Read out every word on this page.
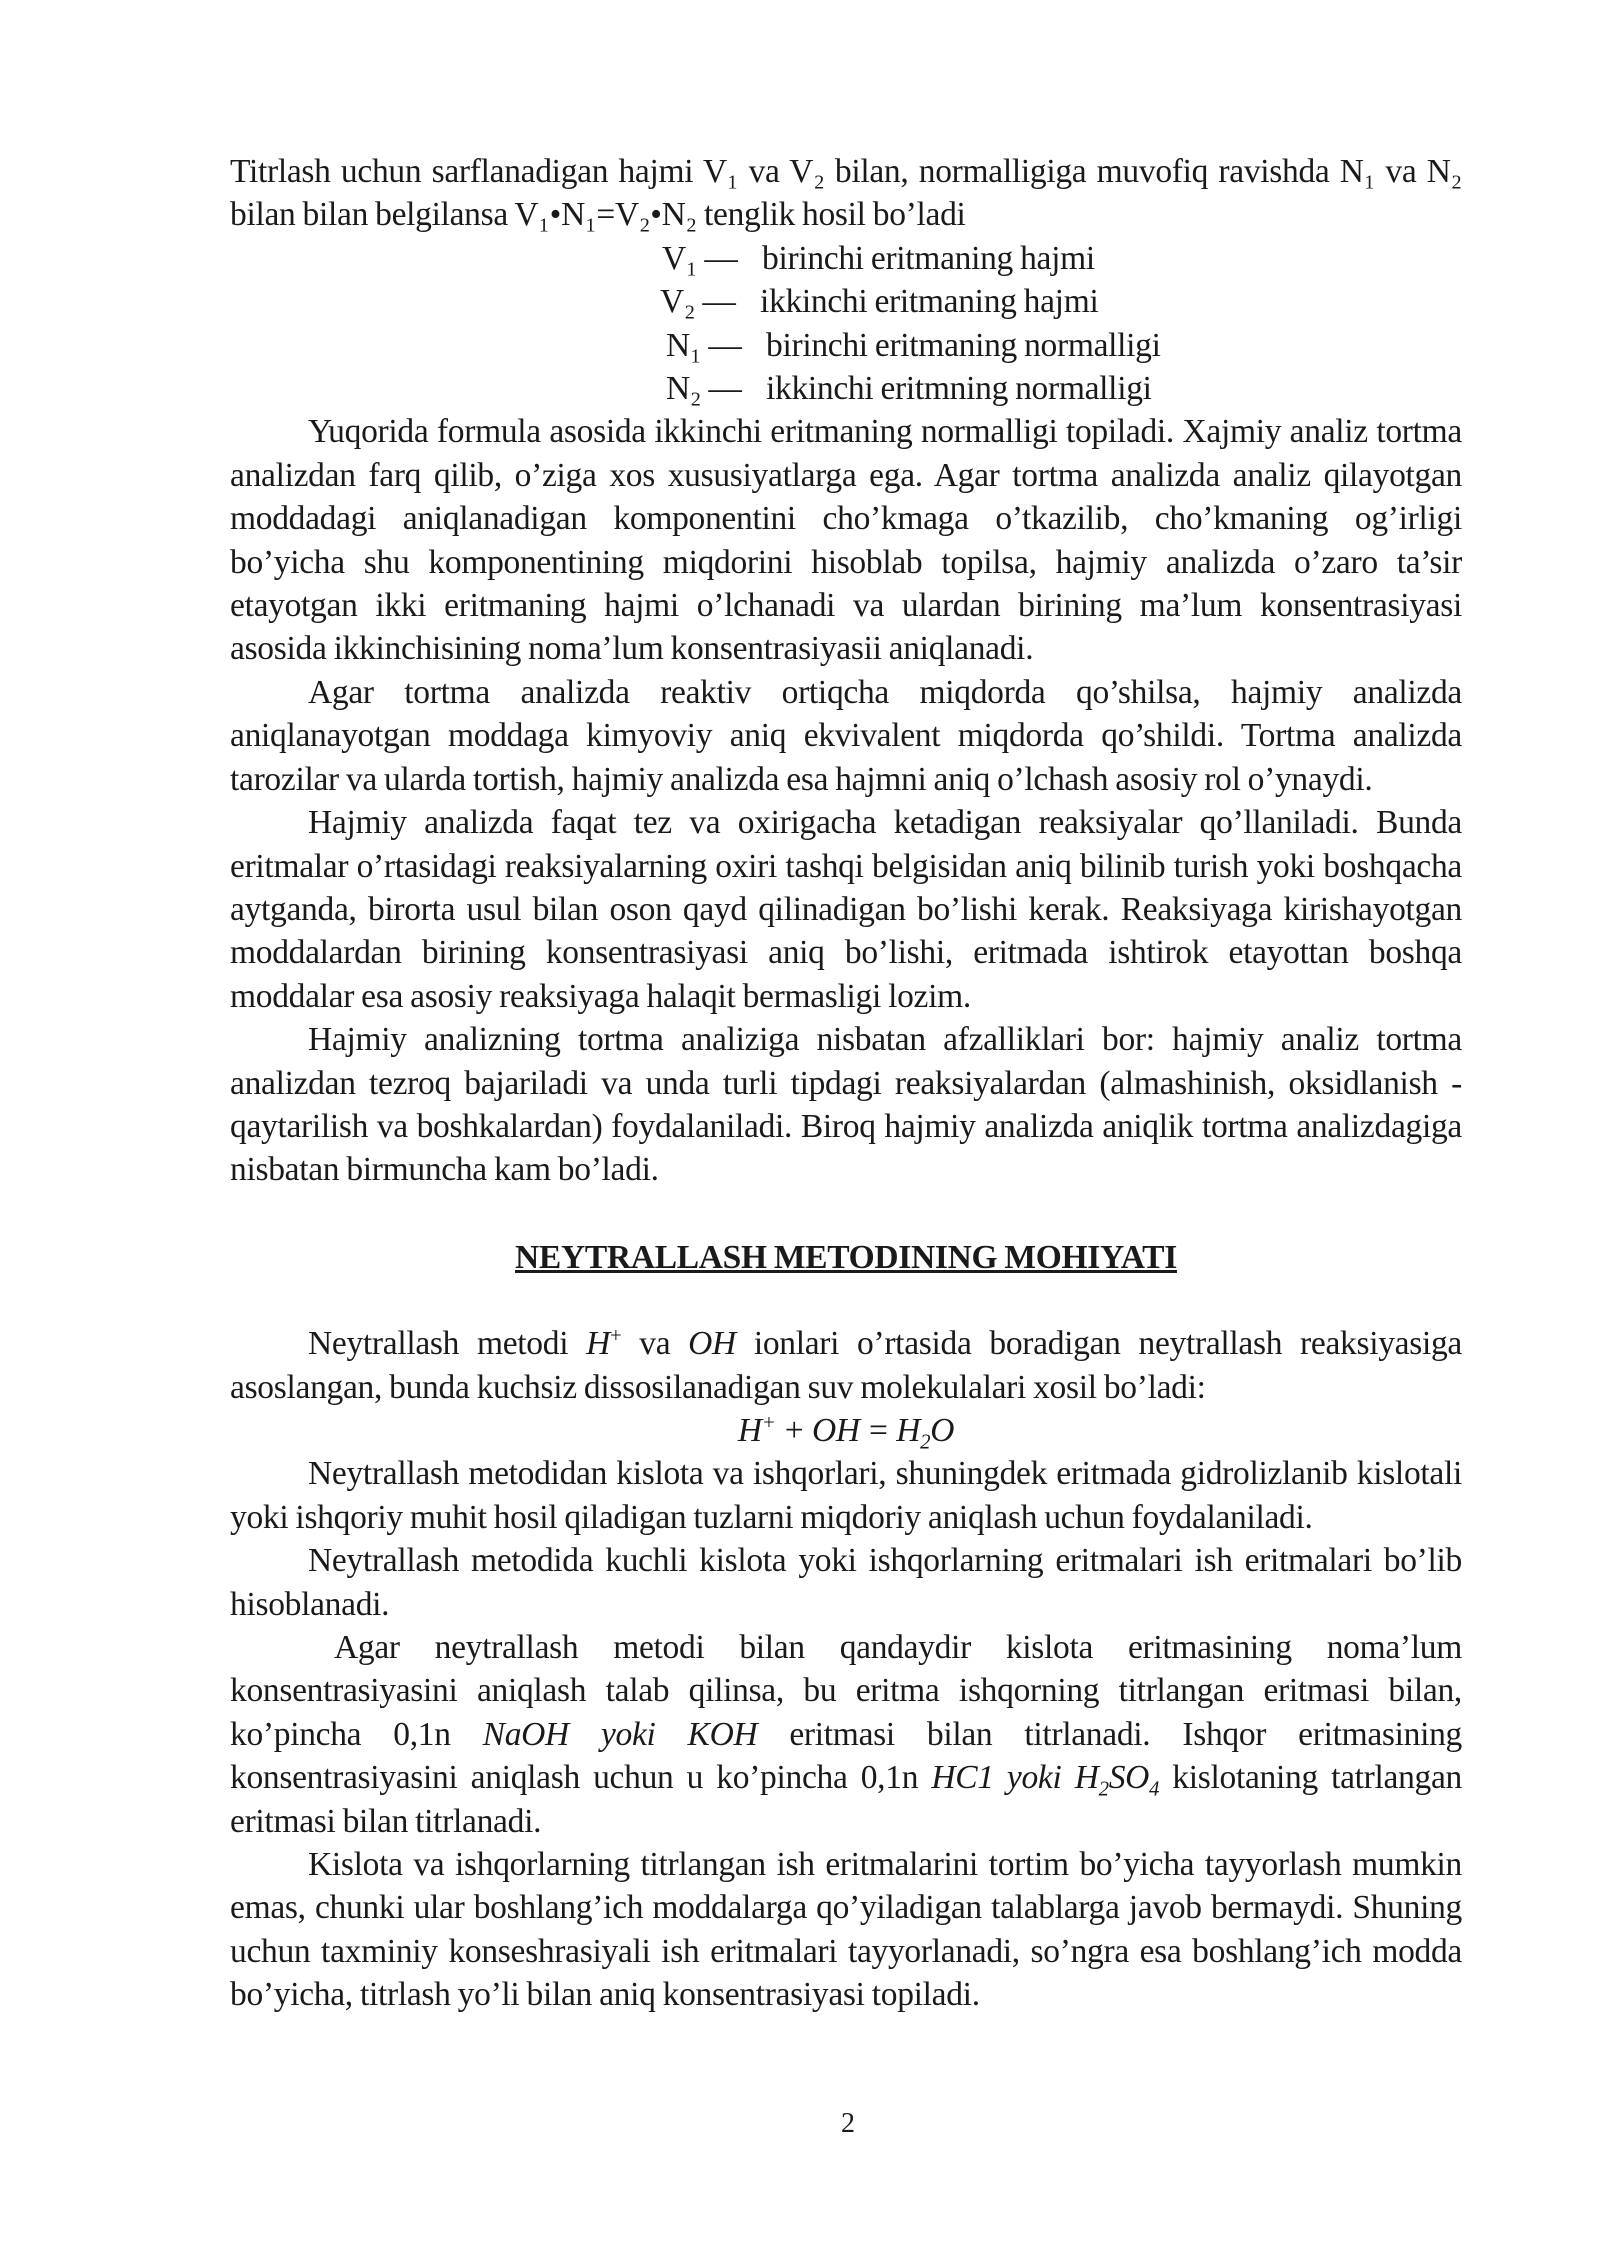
Titrlash uchun sarflanadigan hajmi V₁ va V₂ bilan, normalligiga muvofiq ravishda N₁ va N₂ bilan bilan belgilansa V₁•N₁=V₂•N₂ tenglik hosil bo’ladi

V₁ — birinchi eritmaning hajmi
V₂ — ikkinchi eritmaning hajmi
N₁ — birinchi eritmaning normalligi
N₂ — ikkinchi eritmning normalligi

Yuqorida formula asosida ikkinchi eritmaning normalligi topiladi. Xajmiy analiz tortma analizdan farq qilib, o’ziga xos xususiyatlarga ega. Agar tortma analizda analiz qilayotgan moddadagi aniqlanadigan komponentini cho’kmaga o’tkazilib, cho’kmaning og’irligi bo’yicha shu komponentining miqdorini hisoblab topilsa, hajmiy analizda o’zaro ta’sir etayotgan ikki eritmaning hajmi o’lchanadi va ulardan birining ma’lum konsentrasiyasi asosida ikkinchisining noma’lum konsentrasiyasii aniqlanadi.

Agar tortma analizda reaktiv ortiqcha miqdorda qo’shilsa, hajmiy analizda aniqlanayotgan moddaga kimyoviy aniq ekvivalent miqdorda qo’shildi. Tortma analizda tarozilar va ularda tortish, hajmiy analizda esa hajmni aniq o’lchash asosiy rol o’ynaydi.

Hajmiy analizda faqat tez va oxirigacha ketadigan reaksiyalar qo’llaniladi. Bunda eritmalar o’rtasidagi reaksiyalarning oxiri tashqi belgisidan aniq bilinib turish yoki boshqacha aytganda, birorta usul bilan oson qayd qilinadigan bo’lishi kerak. Reaksiyaga kirishayotgan moddalardan birining konsentrasiyasi aniq bo’lishi, eritmada ishtirok etayottan boshqa moddalar esa asosiy reaksiyaga halaqit bermasligi lozim.

Hajmiy analizning tortma analiziga nisbatan afzalliklari bor: hajmiy analiz tortma analizdan tezroq bajariladi va unda turli tipdagi reaksiyalardan (almashinish, oksidlanish - qaytarilish va boshkalardan) foydalaniladi. Biroq hajmiy analizda aniqlik tortma analizdagiga nisbatan birmuncha kam bo’ladi.

NEYTRALLASH METODINING MOHIYATI

Neytrallash metodi H+ va OH ionlari o’rtasida boradigan neytrallash reaksiyasiga asoslangan, bunda kuchsiz dissosilanadigan suv molekulalari xosil bo’ladi:

H+ + OH = $H_2O$

Neytrallash metodidan kislota va ishqorlari, shuningdek eritmada gidrolizlanib kislotali yoki ishqoriy muhit hosil qiladigan tuzlarni miqdoriy aniqlash uchun foydalaniladi.

Neytrallash metodida kuchli kislota yoki ishqorlarning eritmalari ish eritmalari bo’lib hisoblanadi.

Agar neytrallash metodi bilan qandaydir kislota eritmasining noma’lum konsentrasiyasini aniqlash talab qilinsa, bu eritma ishqorning titrlangan eritmasi bilan, ko’pincha 0,1n NaOH yoki KOH eritmasi bilan titrlanadi. Ishqor eritmasining konsentrasiyasini aniqlash uchun u ko’pincha 0,1n HC1 yoki $H_2SO_4$ kislotaning tatrlangan eritmasi bilan titrlanadi.

Kislota va ishqorlarning titrlangan ish eritmalarini tortim bo’yicha tayyorlash mumkin emas, chunki ular boshlang’ich moddalarga qo’yiladigan talablarga javob bermaydi. Shuning uchun taxminiy konseshrasiyali ish eritmalari tayyorlanadi, so’ngra esa boshlang’ich modda bo’yicha, titrlash yo’li bilan aniq konsentrasiyasi topiladi.

2
